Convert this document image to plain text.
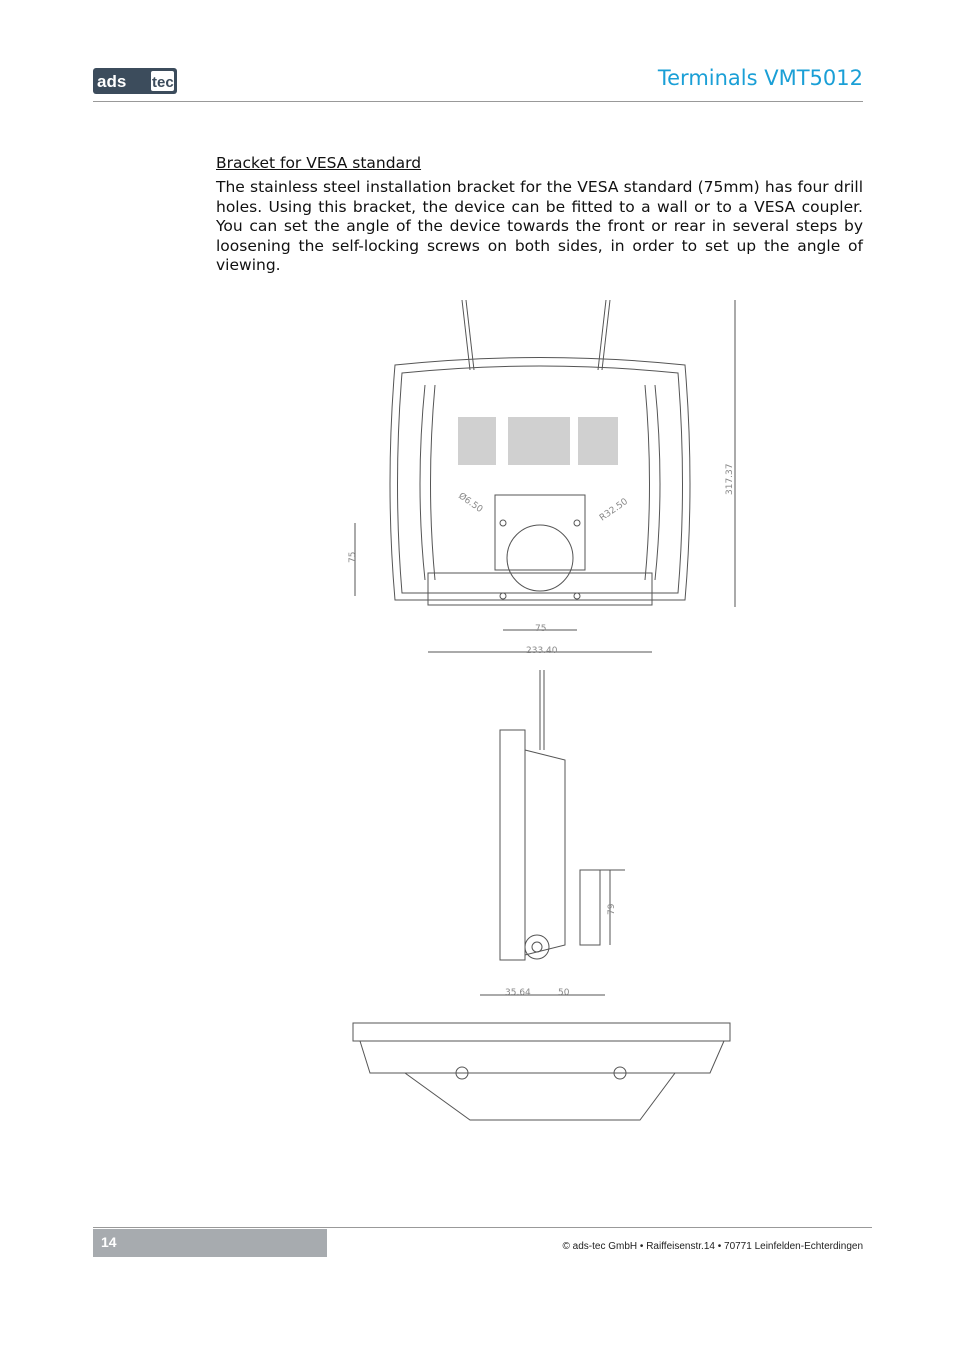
ads tec	Terminals VMT5012
Bracket for VESA standard
The stainless steel installation bracket for the VESA standard (75mm) has four drill holes. Using this bracket, the device can be fitted to a wall or to a VESA coupler. You can set the angle of the device towards the front or rear in several steps by loosening the self-locking screws on both sides, in order to set up the angle of viewing.
317.37
75
75
233.40
Ø6.50	R32.50
79
35.64	50
14	© ads-tec GmbH • Raiffeisenstr.14 • 70771 Leinfelden-Echterdingen
